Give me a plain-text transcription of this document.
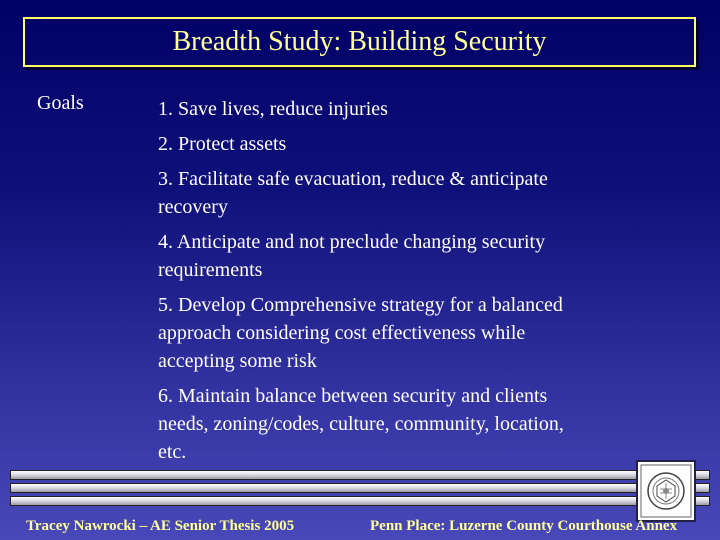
Breadth Study: Building Security
Goals	1. Save lives, reduce injuries
2. Protect assets
3. Facilitate safe evacuation, reduce & anticipate recovery
4. Anticipate and not preclude changing security requirements
5. Develop Comprehensive strategy for a balanced approach considering cost effectiveness while accepting some risk
6. Maintain balance between security and clients needs, zoning/codes, culture, community, location, etc.
Tracey Nawrocki – AE Senior Thesis 2005	Penn Place: Luzerne County Courthouse Annex
